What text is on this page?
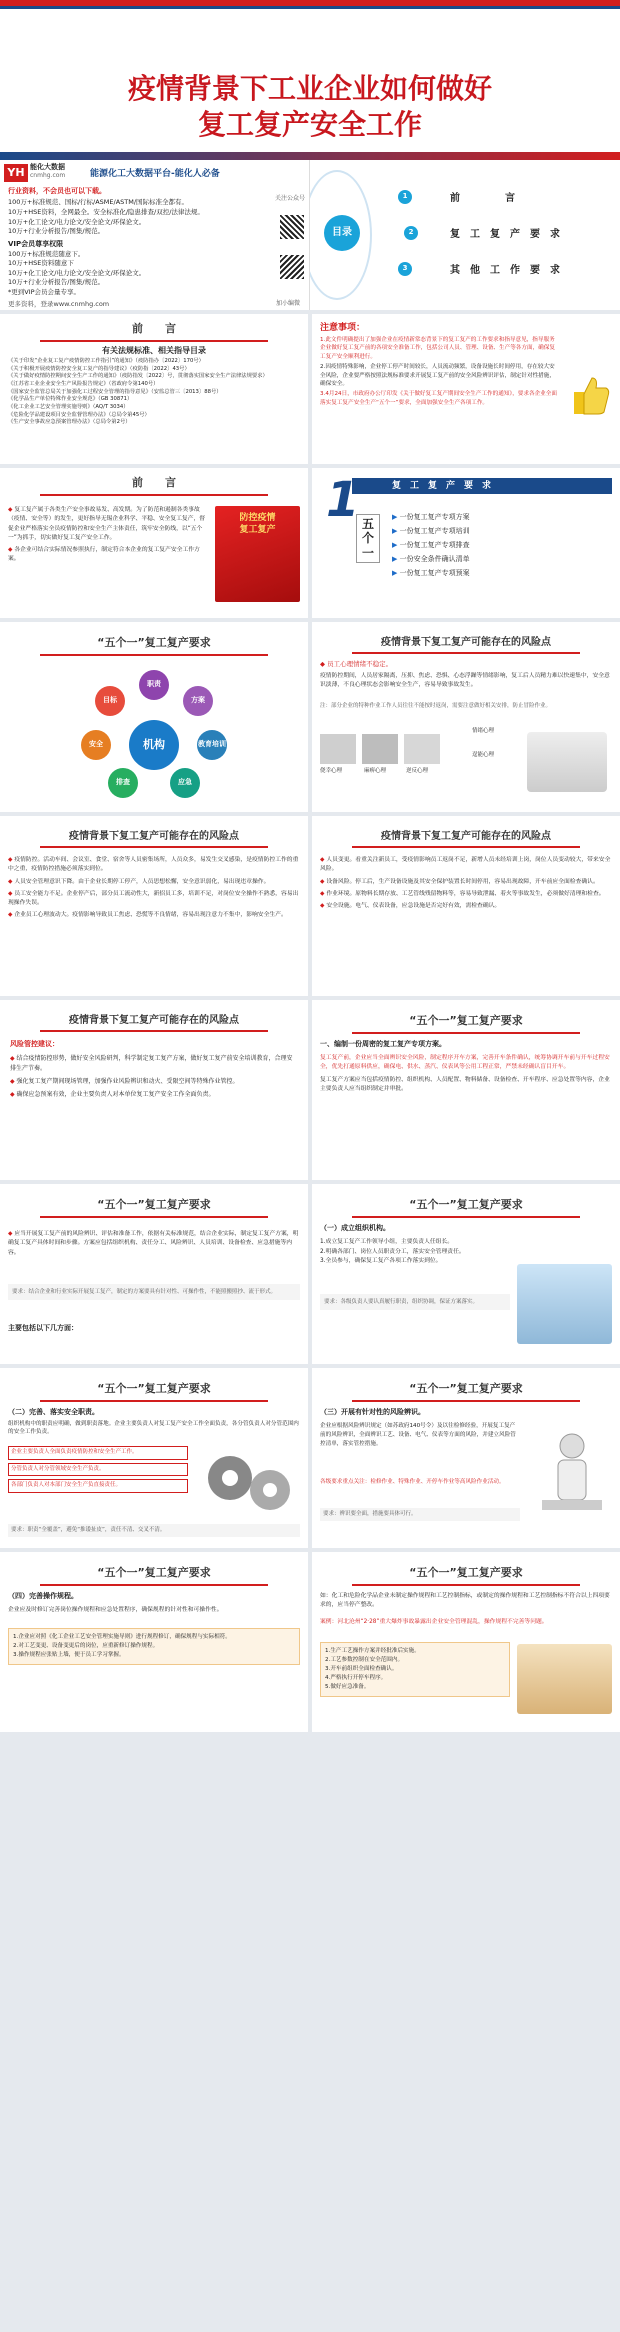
疫情背景下工业企业如何做好
复工复产安全工作
YH 能化大数据
cnmhg.com	能源化工大数据平台-能化人必备
行业资料，不会员也可以下载。
100万+标准规范、国标/行标/ASME/ASTM/国际标准全都有。
10万+HSE资料，全网最全。安全标准化/隐患排查/双控/法律法规。
10万+化工论文/电力论文/安全论文/环保论文。
10万+行业分析报告/图集/规范。
VIP会员尊享权限
100万+标准规范随意下。
10万+HSE资料随意下
10万+化工论文/电力论文/安全论文/环保论文。
10万+行业分析报告/图集/规范。
*更到VIP会员会量专享。
更多资料，登录www.cnmhg.com
关注公众号
加小编微
目录
1	前　　　　言
2	复　工　复　产　要　求
3	其　他　工　作　要　求
前　　言
有关法规标准、相关指导目录
《关于印发“企业复工复产疫情防控工作指引”的通知》（疫防指办〔2022〕170号）
《关于积极开展疫情防控安全复工复产的指导建议》（疫防指〔2022〕43号）
《关于做好疫情防控期间安全生产工作的通知》（疫防指发〔2022〕号，贯彻落实国家安全生产法律法规要求）
《江苏省工业企业安全生产风险报告规定》（省政府令第140号）
《国家安全监管总局关于加强化工过程安全管理的指导意见》（安监总管三〔2013〕88号）
《化学品生产单位特殊作业安全规范》（GB 30871）
《化工企业工艺安全管理实施导则》（AQ/T 3034）
《危险化学品建设项目安全监督管理办法》（总局令第45号）
《生产安全事故应急预案管理办法》（总局令第2号）
注意事项：
1.此文件明确提出了加强企业在疫情新常态背景下的复工复产的工作要求和指导意见，指导服务企业做好复工复产前的各项安全准备工作，包括公司人员、管理、设备、生产等各方面，确保复工复产安全顺利进行。
2.因疫情特殊影响，企业停工停产时间较长，人员流动频繁，设备设施长时间停用，存在较大安全风险，企业要严格按照法规标准要求开展复工复产前的安全风险辨识评估，制定针对性措施，确保安全。
3.4月24日，市政府办公厅印发《关于做好复工复产期间安全生产工作的通知》，要求各企业全面落实复工复产安全生产“五个一”要求，全面加强安全生产各项工作。
前　　言
◆ 复工复产属于各类生产安全事故易发、高发期。为了防范和遏制各类事故（疫情、安全等）的发生，更好指导无锡企业科学、平稳、安全复工复产，督促企业严格落实全员疫情防控和安全生产主体责任，筑牢安全防线，以“五个一”为抓手，切实做好复工复产安全工作。
◆ 各企业可结合实际情况参照执行，制定符合本企业的复工复产安全工作方案。
防控疫情
复工复产
复　工　复　产　要　求
1 五个一
▶ 一份复工复产专项方案
▶ 一份复工复产专项培训
▶ 一份复工复产专项排查
▶ 一份安全条件确认清单
▶ 一份复工复产专项预案
“五个一”复工复产要求
机构
职责
方案
教育培训
应急
排查
安全
目标
疫情背景下复工复产可能存在的风险点
◆ 员工心理情绪不稳定。
疫情防控期间，人员居家隔离，压抑、焦虑、恐惧、心态浮躁等情绪影响，复工后人员精力难以快速集中，安全意识淡薄，不良心理状态会影响安全生产，容易导致事故发生。
注：部分企业的特种作业工作人员往往不能按时返岗，需要注意做好相关安排，防止冒险作业。
侥幸心理	麻痹心理	逆反心理
情绪心理
逞能心理
疫情背景下复工复产可能存在的风险点
◆ 疫情防控。活动车间、会议室、食堂、宿舍等人员密集场所，人员众多，易发生交叉感染，是疫情防控工作的重中之重，疫情防控措施必须落实到位。
◆ 人员安全管理意识下降。由于企业长期停工停产，人员思想松懈，安全意识弱化，易出现违章操作。
◆ 员工安全能力不足。企业停产后，部分员工流动性大，新招员工多，培训不足，对岗位安全操作不熟悉，容易出现操作失误。
◆ 企业员工心理波动大。疫情影响导致员工焦虑、恐慌等不良情绪，容易出现注意力不集中，影响安全生产。
疫情背景下复工复产可能存在的风险点
◆ 人员变更。看重关注新员工，受疫情影响员工返岗不足，新增人员未经培训上岗，岗位人员变动较大，带来安全风险。
◆ 设备风险。停工后，生产设备设施及其安全保护装置长时间停用，容易出现故障，开车前应全面检查确认。
◆ 作业环境。原物料长期存放、工艺管线残留物料等，容易导致泄漏、着火等事故发生，必须做好清理和检查。
◆ 安全设施。电气、仪表设备，应急设施是否完好有效，需检查确认。
疫情背景下复工复产可能存在的风险点
风险管控建议：
◆ 结合疫情防控形势，做好安全风险研判，科学制定复工复产方案，做好复工复产前安全培训教育，合理安排生产节奏。
◆ 强化复工复产期间现场管理，加强作业风险辨识和动火、受限空间等特殊作业管控。
◆ 确保应急预案有效，企业主要负责人对本单位复工复产安全工作全面负责。
“五个一”复工复产要求
一、编制一份周密的复工复产专项方案。
复工复产前，企业应当全面辨识安全风险，制定程序开车方案，完善开车条件确认，统筹协调开车前与开车过程安全，优先打通原料供应，确保电、供水、蒸汽、仪表风等公用工程正常，严禁未经确认盲目开车。
复工复产方案应当包括疫情防控、组织机构、人员配置、物料储备、设备检查、开车程序、应急处置等内容，企业主要负责人应当组织制定并审批。
“五个一”复工复产要求
◆ 应当开展复工复产前的风险辨识、评估和准备工作，依据有关标准规范，结合企业实际，制定复工复产方案，明确复工复产具体时间和步骤。方案应包括组织机构、责任分工、风险辨识、人员培训、设备检查、应急措施等内容。
要求：结合企业和行业实际开展复工复产，制定的方案要具有针对性、可操作性，不能照搬照抄、流于形式。
主要包括以下几方面：
“五个一”复工复产要求
（一）成立组织机构。
1.成立复工复产工作领导小组，主要负责人任组长。
2.明确各部门、岗位人员职责分工，落实安全管理责任。
3.全员参与，确保复工复产各项工作落实到位。
要求：各级负责人要认真履行职责，组织协调，保证方案落实。
“五个一”复工复产要求
（二）完善、落实安全职责。
组织机构中的职责应明确，做到职责落地。企业主要负责人对复工复产安全工作全面负责，各分管负责人对分管范围内的安全工作负责。
企业主要负责人全面负责疫情防控和安全生产工作。
分管负责人对分管领域安全生产负责。
各部门负责人对本部门安全生产负直接责任。
要求：职责“全覆盖”，避免“推诿扯皮”，责任不清、交叉不清。
“五个一”复工复产要求
（三）开展有针对性的风险辨识。
企业应根据风险辨识规定（如苏政府140号令）及以往检修经验，开展复工复产前的风险辨识，全面辨识工艺、设备、电气、仪表等方面的风险，并建立风险管控清单，落实管控措施。
各级要求重点关注：检修作业、特殊作业、开停车作业等高风险作业活动。
要求：辨识要全面，措施要具体可行。
“五个一”复工复产要求
（四）完善操作规程。
企业应及时修订完善岗位操作规程和应急处置程序，确保规程的针对性和可操作性。
1.企业应对照《化工企业工艺安全管理实施导则》进行规程修订，确保规程与实际相符。
2.对工艺变更、设备变更后的岗位，应重新修订操作规程。
3.操作规程应张贴上墙，便于员工学习掌握。
“五个一”复工复产要求
如：化工和危险化学品企业未制定操作规程和工艺控制指标，或制定的操作规程和工艺控制指标不符合以上四项要求的，应当停产整改。
案例：河北沧州“2·28”重大爆炸事故暴露出企业安全管理混乱，操作规程不完善等问题。
1.生产工艺操作方案并经批准后实施。
2.工艺参数控制在安全范围内。
3.开车前组织全面检查确认。
4.严格执行开停车程序。
5.做好应急准备。
